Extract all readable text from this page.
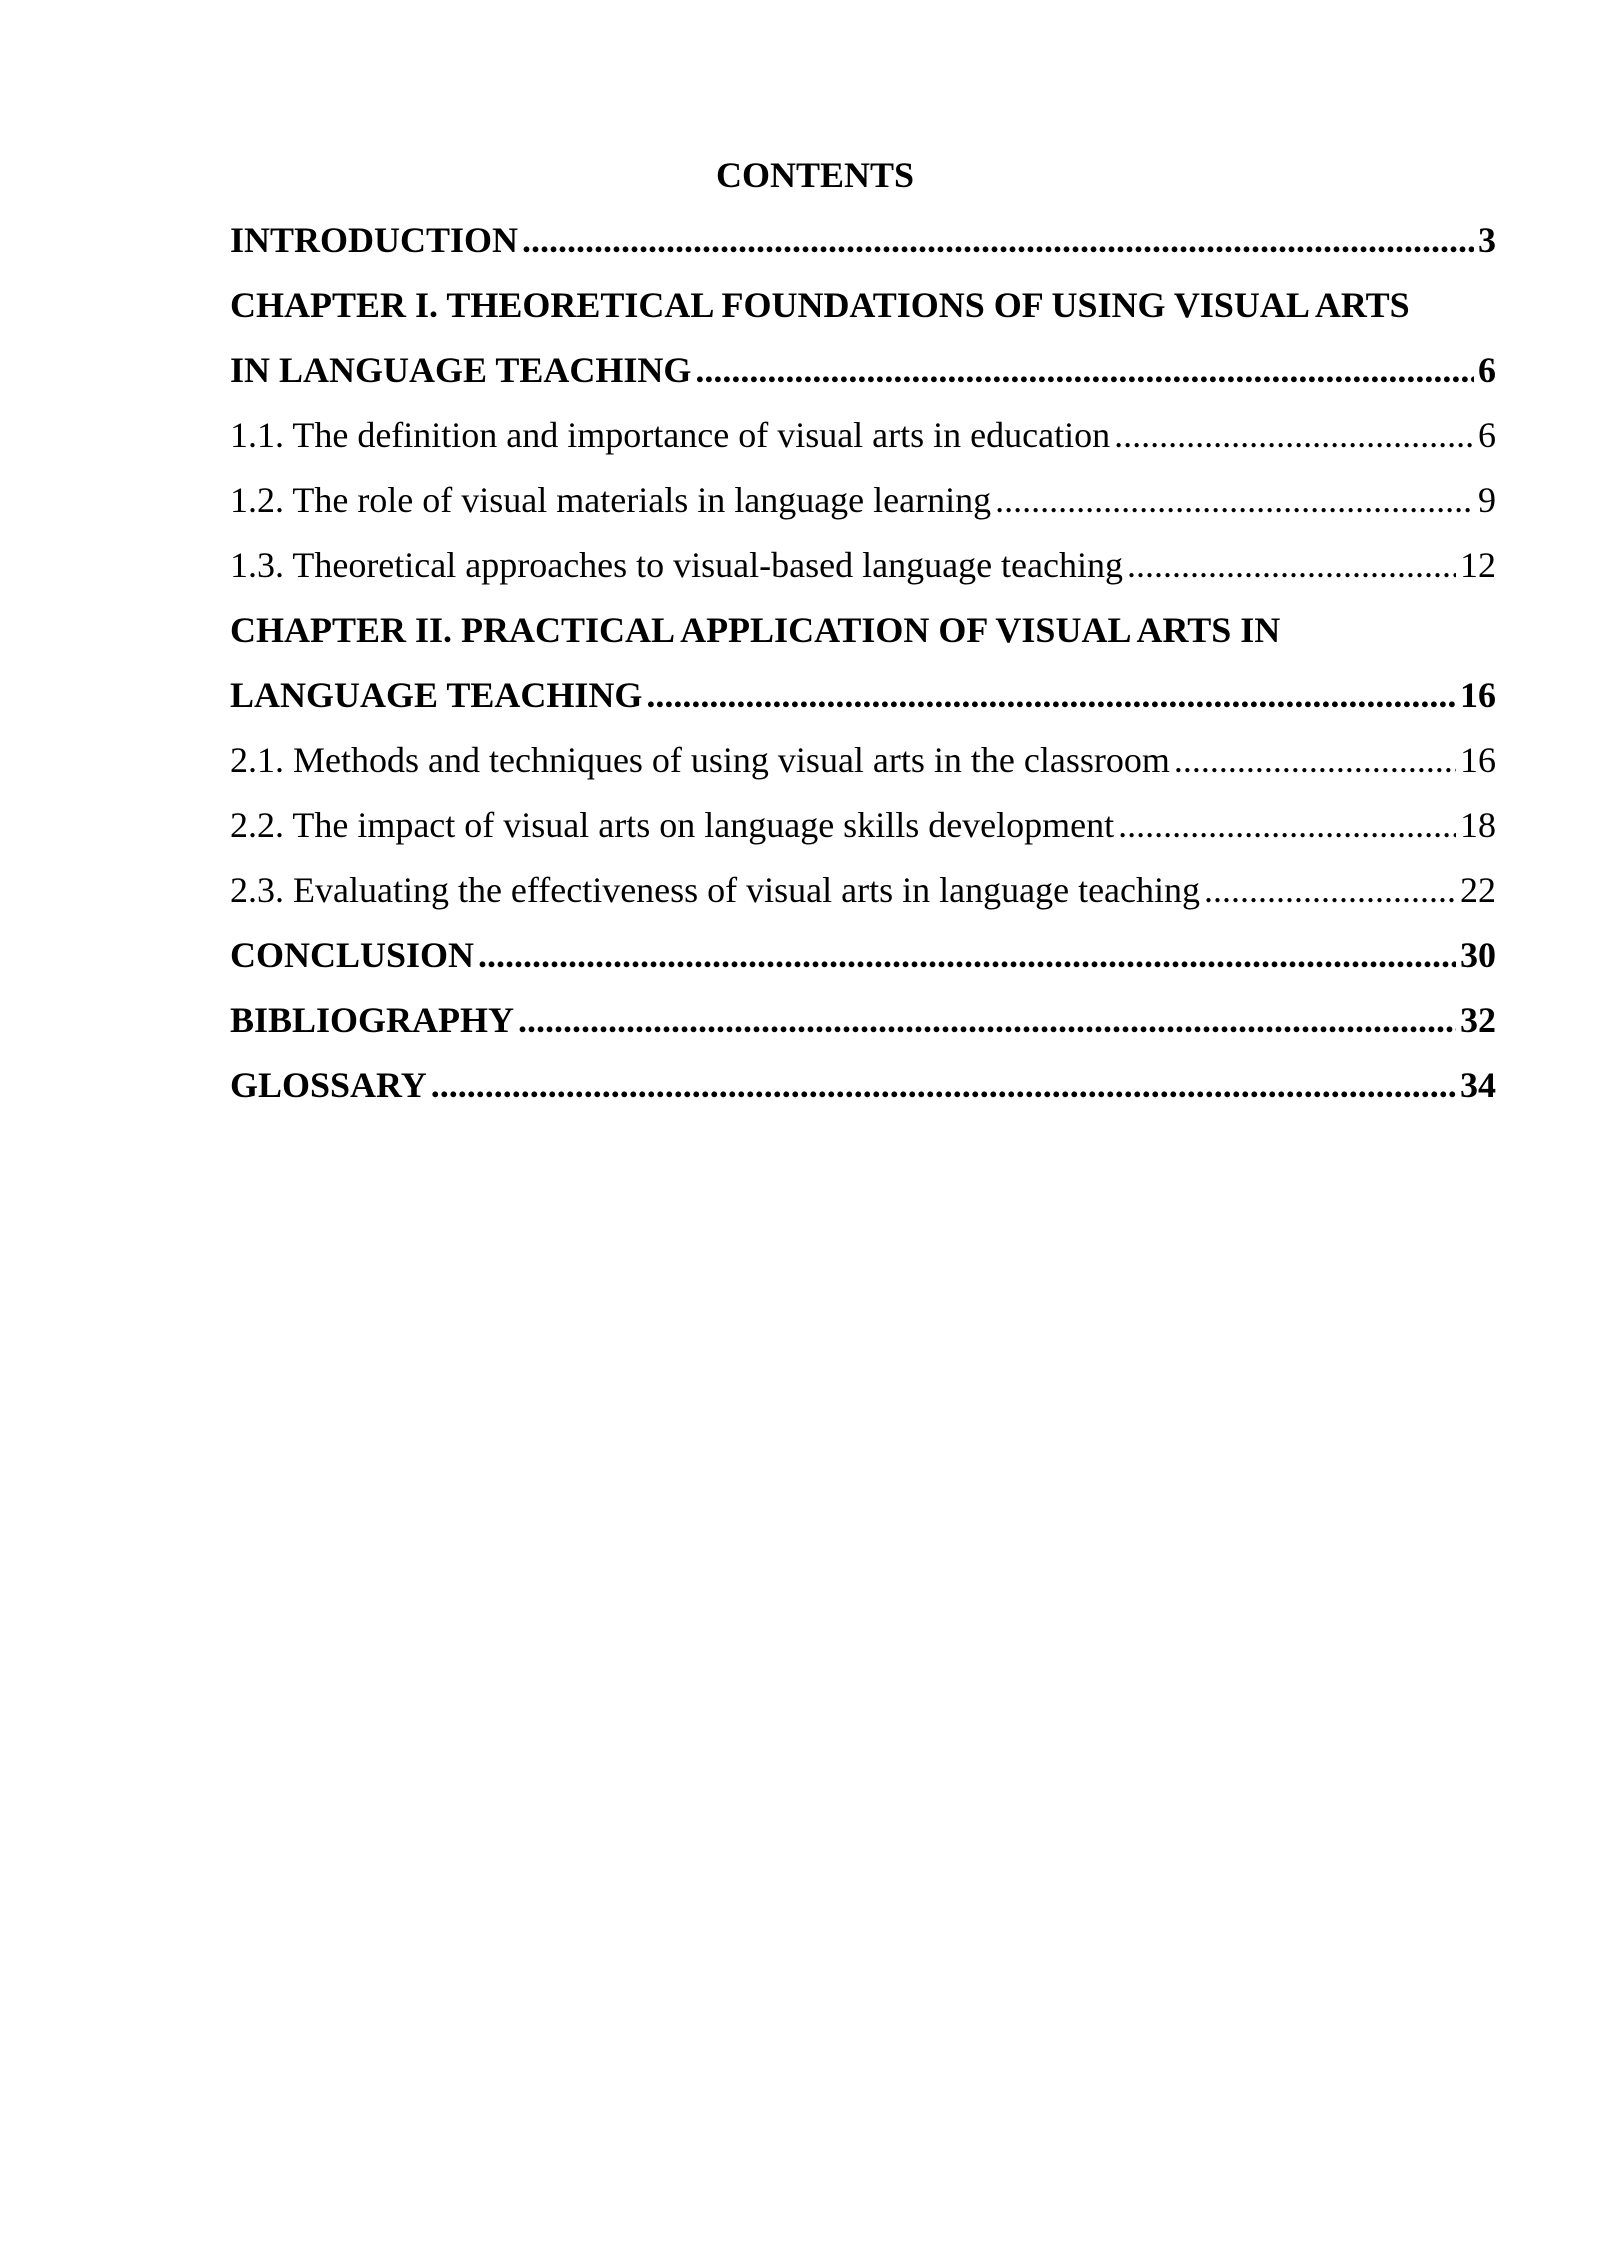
CONTENTS
INTRODUCTION .....	3
CHAPTER I. THEORETICAL FOUNDATIONS OF USING VISUAL ARTS
IN LANGUAGE TEACHING .....	6
1.1. The definition and importance of visual arts in education .....	6
1.2. The role of visual materials in language learning .....	9
1.3. Theoretical approaches to visual-based language teaching .....	12
CHAPTER II. PRACTICAL APPLICATION OF VISUAL ARTS IN
LANGUAGE TEACHING .....	16
2.1. Methods and techniques of using visual arts in the classroom .....	16
2.2. The impact of visual arts on language skills development .....	18
2.3. Evaluating the effectiveness of visual arts in language teaching .....	22
CONCLUSION .....	30
BIBLIOGRAPHY .....	32
GLOSSARY .....	34
